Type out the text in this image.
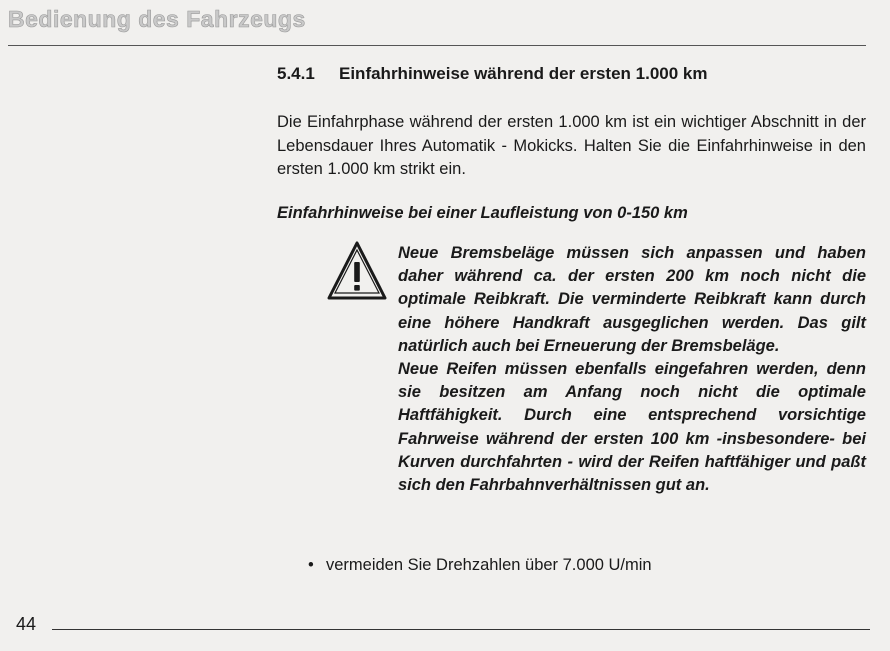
Bedienung des Fahrzeugs
5.4.1 Einfahrhinweise während der ersten 1.000 km
Die Einfahrphase während der ersten 1.000 km ist ein wichtiger Abschnitt in der Lebensdauer Ihres Automatik - Mokicks. Halten Sie die Einfahrhinweise in den ersten 1.000 km strikt ein.
Einfahrhinweise bei einer Laufleistung von 0-150 km

Neue Bremsbeläge müssen sich anpassen und haben daher während ca. der ersten 200 km noch nicht die optimale Reibkraft. Die verminderte Reibkraft kann durch eine höhere Handkraft ausgeglichen werden. Das gilt natürlich auch bei Erneuerung der Bremsbeläge.

Neue Reifen müssen ebenfalls eingefahren werden, denn sie besitzen am Anfang noch nicht die optimale Haftfähigkeit. Durch eine entsprechend vorsichtige Fahrweise während der ersten 100 km -insbesondere- bei Kurven durchfahrten - wird der Reifen haftfähiger und paßt sich den Fahrbahnverhältnissen gut an.

• vermeiden Sie Drehzahlen über 7.000 U/min
44
